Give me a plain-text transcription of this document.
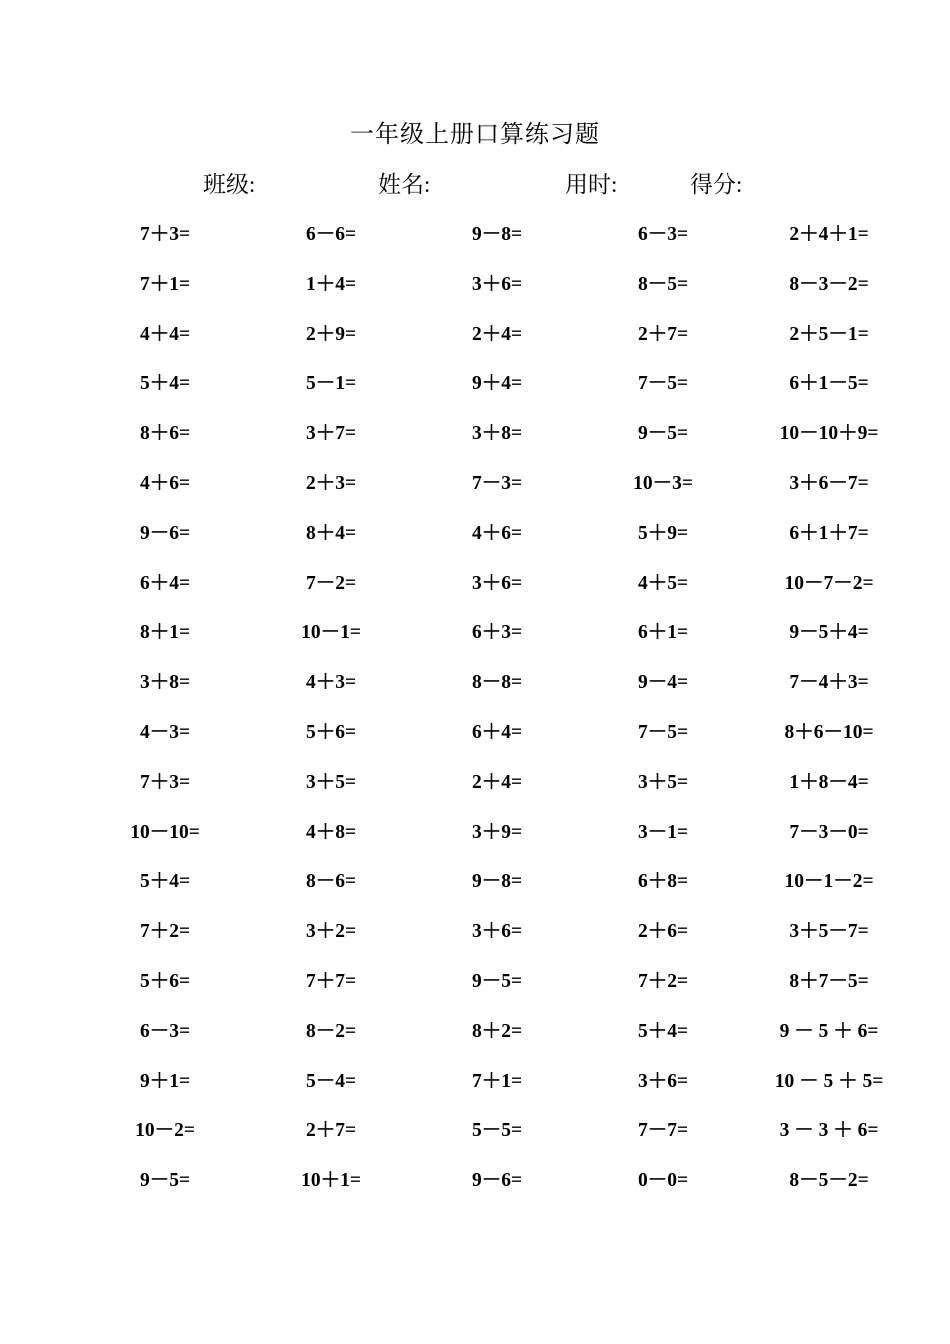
一年级上册口算练习题
班级:	姓名:	用时:	得分:
7＋3=	6－6=	9－8=	6－3=	2＋4＋1=
7＋1=	1＋4=	3＋6=	8－5=	8－3－2=
4＋4=	2＋9=	2＋4=	2＋7=	2＋5－1=
5＋4=	5－1=	9＋4=	7－5=	6＋1－5=
8＋6=	3＋7=	3＋8=	9－5=	10－10＋9=
4＋6=	2＋3=	7－3=	10－3=	3＋6－7=
9－6=	8＋4=	4＋6=	5＋9=	6＋1＋7=
6＋4=	7－2=	3＋6=	4＋5=	10－7－2=
8＋1=	10－1=	6＋3=	6＋1=	9－5＋4=
3＋8=	4＋3=	8－8=	9－4=	7－4＋3=
4－3=	5＋6=	6＋4=	7－5=	8＋6－10=
7＋3=	3＋5=	2＋4=	3＋5=	1＋8－4=
10－10=	4＋8=	3＋9=	3－1=	7－3－0=
5＋4=	8－6=	9－8=	6＋8=	10－1－2=
7＋2=	3＋2=	3＋6=	2＋6=	3＋5－7=
5＋6=	7＋7=	9－5=	7＋2=	8＋7－5=
6－3=	8－2=	8＋2=	5＋4=	9 － 5 ＋ 6=
9＋1=	5－4=	7＋1=	3＋6=	10 － 5 ＋ 5=
10－2=	2＋7=	5－5=	7－7=	3 － 3 ＋ 6=
9－5=	10＋1=	9－6=	0－0=	8－5－2=
